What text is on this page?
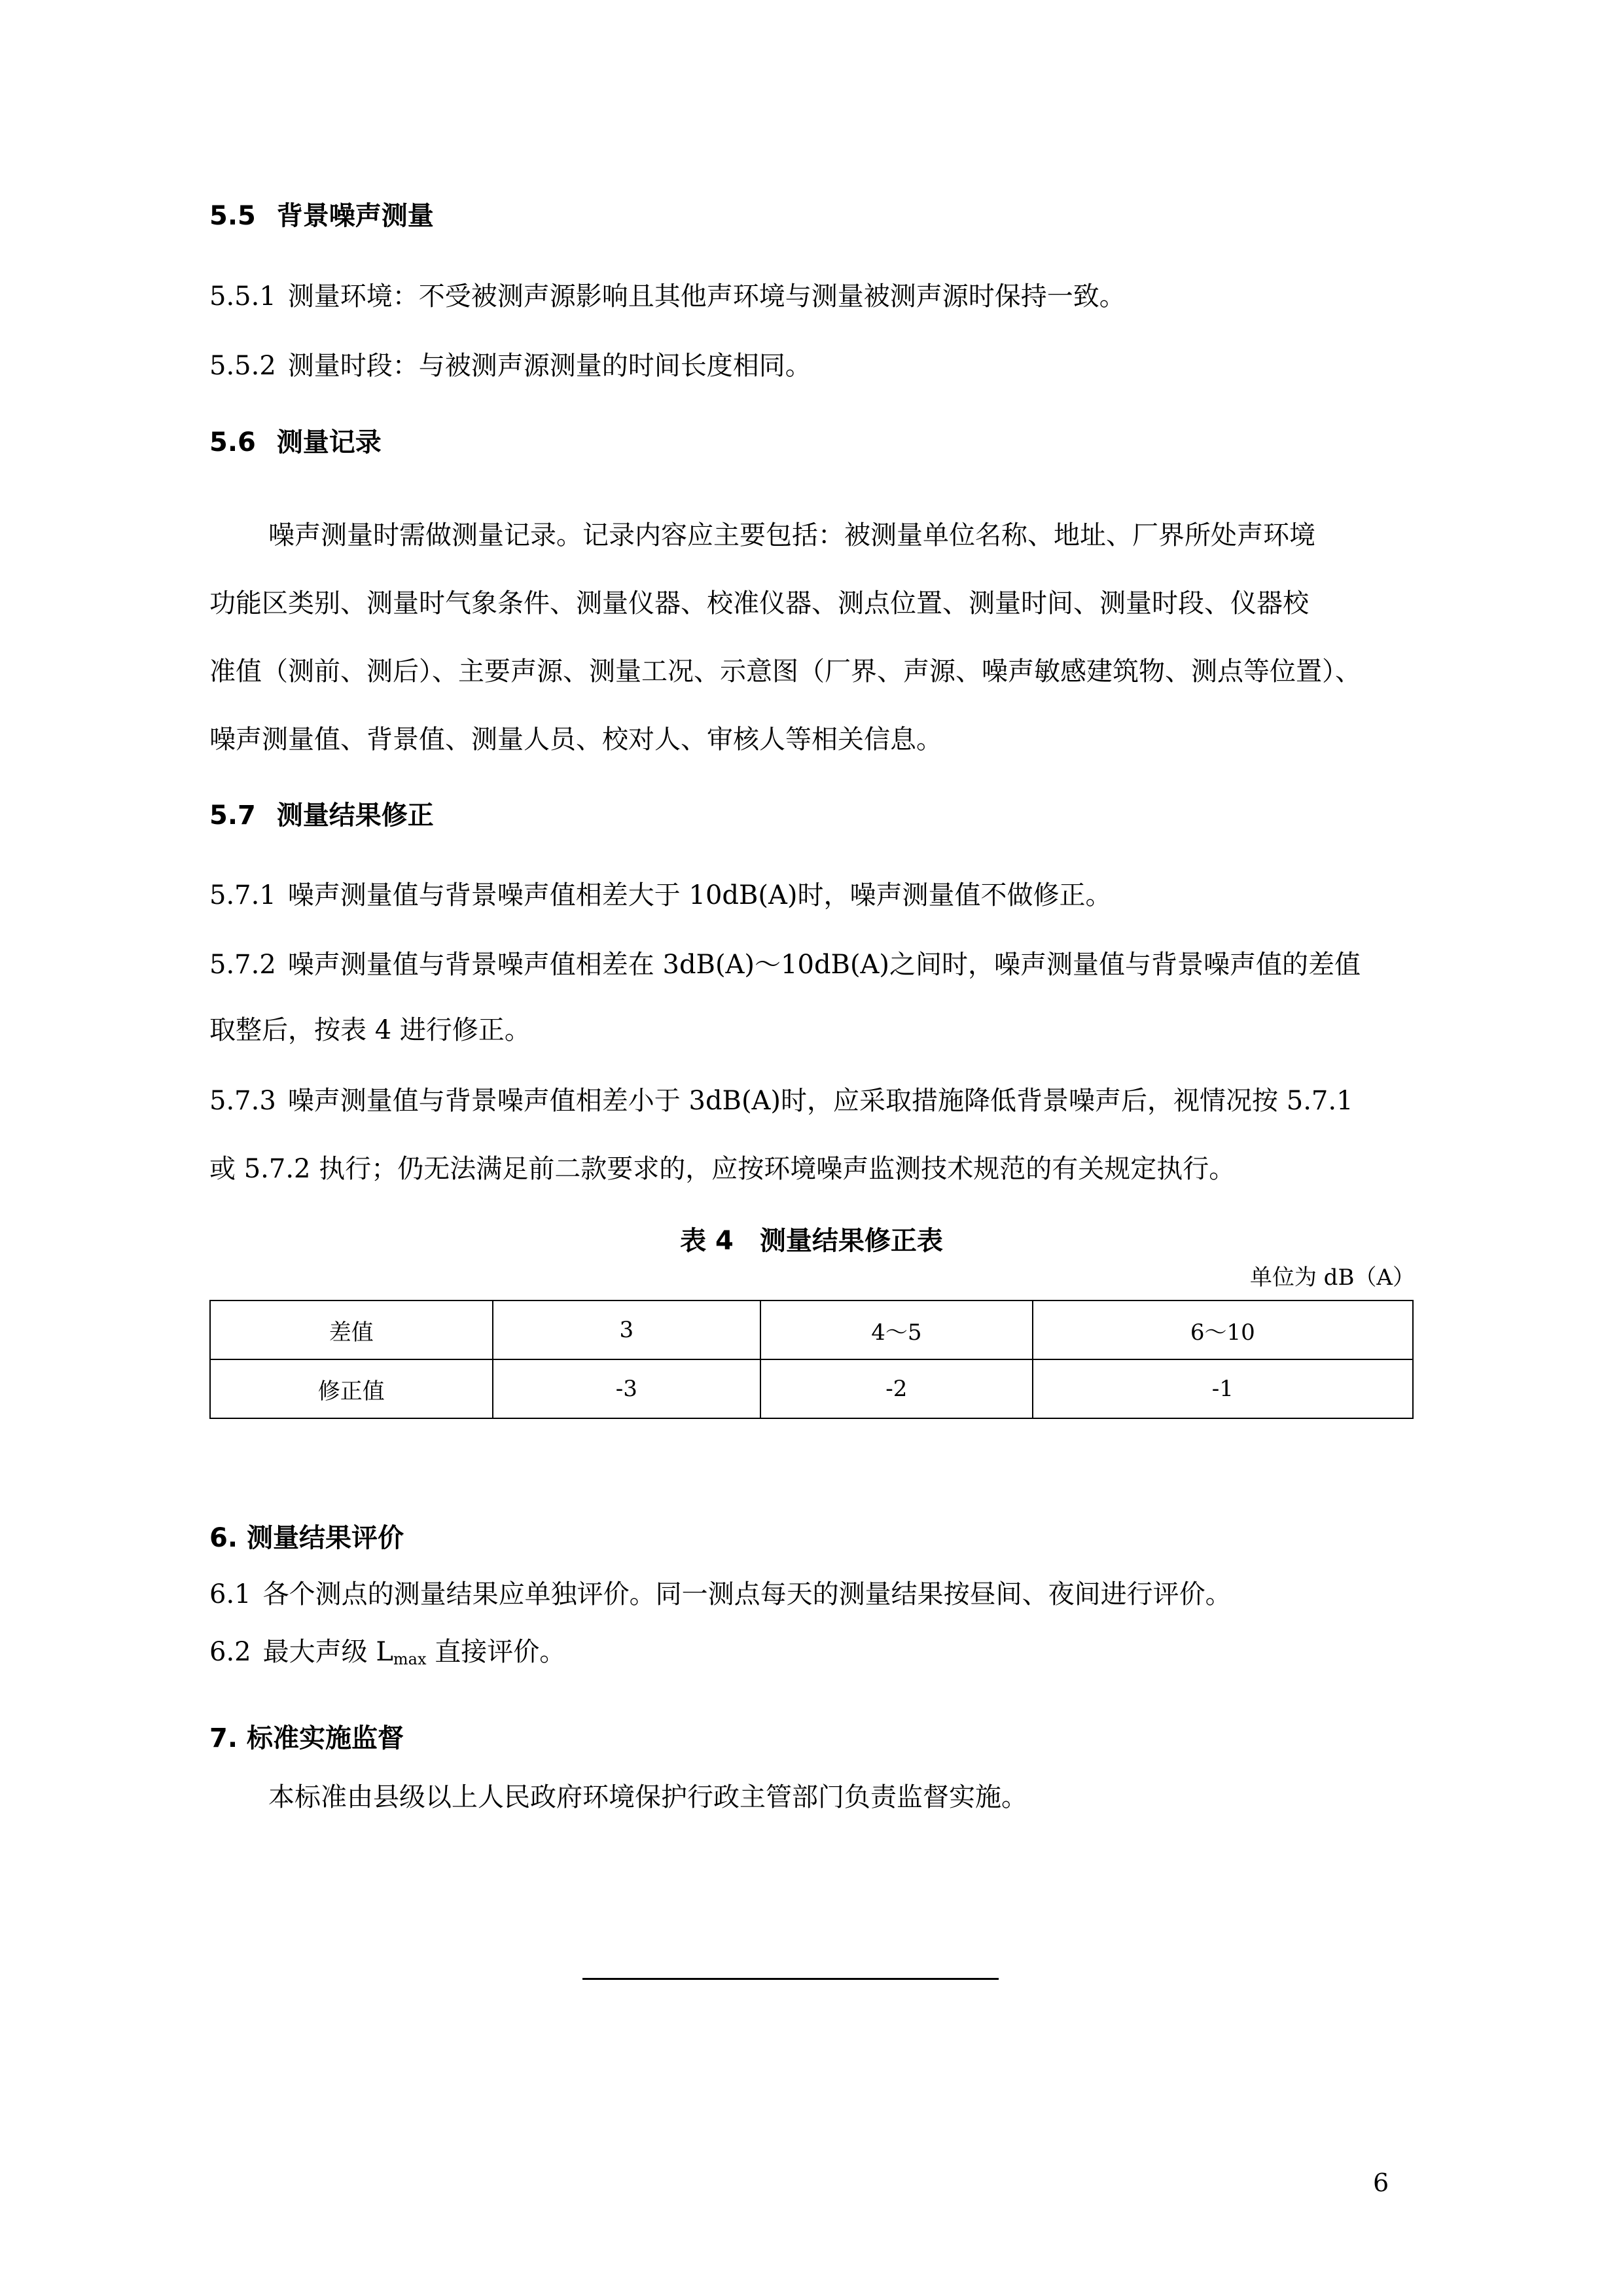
5.5 背景噪声测量
5.5.1 测量环境：不受被测声源影响且其他声环境与测量被测声源时保持一致。
5.5.2 测量时段：与被测声源测量的时间长度相同。
5.6 测量记录
噪声测量时需做测量记录。记录内容应主要包括：被测量单位名称、地址、厂界所处声环境
功能区类别、测量时气象条件、测量仪器、校准仪器、测点位置、测量时间、测量时段、仪器校
准值（测前、测后）、主要声源、测量工况、示意图（厂界、声源、噪声敏感建筑物、测点等位置）、
噪声测量值、背景值、测量人员、校对人、审核人等相关信息。
5.7 测量结果修正
5.7.1 噪声测量值与背景噪声值相差大于 10dB(A)时，噪声测量值不做修正。
5.7.2 噪声测量值与背景噪声值相差在 3dB(A)～10dB(A)之间时，噪声测量值与背景噪声值的差值
取整后，按表 4 进行修正。
5.7.3 噪声测量值与背景噪声值相差小于 3dB(A)时，应采取措施降低背景噪声后，视情况按 5.7.1
或 5.7.2 执行；仍无法满足前二款要求的，应按环境噪声监测技术规范的有关规定执行。
表 4　测量结果修正表
单位为 dB（A）
差值	3	4～5	6～10
修正值	-3	-2	-1
6. 测量结果评价
6.1 各个测点的测量结果应单独评价。同一测点每天的测量结果按昼间、夜间进行评价。
6.2 最大声级 $L_{max}$ 直接评价。
7. 标准实施监督
本标准由县级以上人民政府环境保护行政主管部门负责监督实施。
6
